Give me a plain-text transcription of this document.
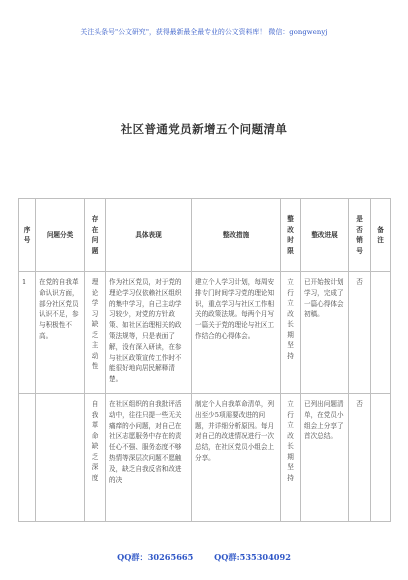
关注头条号"公文研究"，获得最新最全最专业的公文资料库！ 微信：gongwenyj
社区普通党员新增五个问题清单
序号	问题分类	存在问题	具体表现	整改措施	整改时限	整改进展	是否销号	备注

1	在党的自我革命认识方面，部分社区党员认识不足，参与积极性不高。	理论学习缺乏主动性	作为社区党员，对于党的理论学习仅依赖社区组织的集中学习，自己主动学习较少，对党的方针政策、如社区治理相关的政策法规等，只是表面了解，没有深入研读，在参与社区政策宣传工作时不能很好地向居民解释清楚。	建立个人学习计划，每周安排专门时间学习党的理论知识，重点学习与社区工作相关的政策法规。每两个月写一篇关于党的理论与社区工作结合的心得体会。	立行立改长期坚持	已开始按计划学习，完成了一篇心得体会初稿。	否	

		自我革命缺乏深度	在社区组织的自我批评活动中，往往只提一些无关痛痒的小问题，对自己在社区志愿服务中存在的责任心不强、服务态度不够热情等深层次问题不愿触及，缺乏自我反省和改进的决	制定个人自我革命清单，列出至少5项需要改进的问题，并详细分析原因。每月对自己的改进情况进行一次总结，在社区党员小组会上分享。	立行立改长期坚持	已列出问题清单，在党员小组会上分享了首次总结。	否	
QQ群：30265665	QQ群:535304092
